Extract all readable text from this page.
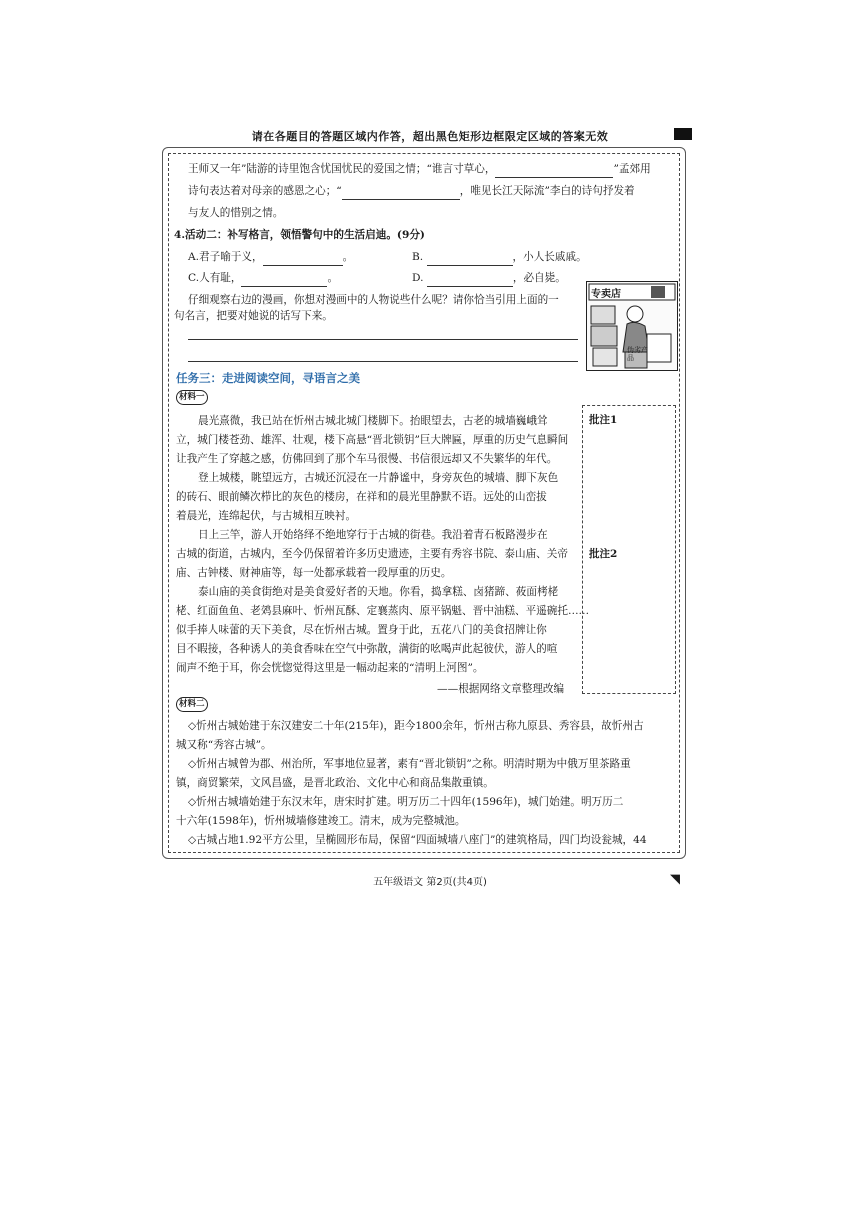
请在各题目的答题区域内作答，超出黑色矩形边框限定区域的答案无效
王师又一年”陆游的诗里饱含忧国忧民的爱国之情；“谁言寸草心，	”孟郊用
诗句表达着对母亲的感恩之心；“	，唯见长江天际流”李白的诗句抒发着
与友人的惜别之情。
4.活动二：补写格言，领悟警句中的生活启迪。(9分)
A.君子喻于义，	。	B.	，小人长戚戚。
C.人有耻，	。	D.	，必自毙。
仔细观察右边的漫画，你想对漫画中的人物说些什么呢？请你恰当引用上面的一
句名言，把要对她说的话写下来。
专卖店
伪劣产品
任务三：走进阅读空间，寻语言之美
材料一
批注1
批注2
晨光熹微，我已站在忻州古城北城门楼脚下。抬眼望去，古老的城墙巍峨耸
立，城门楼苍劲、雄浑、壮观，楼下高悬“晋北锁钥”巨大牌匾，厚重的历史气息瞬间
让我产生了穿越之感，仿佛回到了那个车马很慢、书信很远却又不失繁华的年代。
登上城楼，眺望远方，古城还沉浸在一片静谧中，身旁灰色的城墙、脚下灰色
的砖石、眼前鳞次栉比的灰色的楼房，在祥和的晨光里静默不语。远处的山峦拔
着晨光，连绵起伏，与古城相互映衬。
日上三竿，游人开始络绎不绝地穿行于古城的街巷。我沿着青石板路漫步在
古城的街道，古城内，至今仍保留着许多历史遗迹，主要有秀容书院、泰山庙、关帝
庙、古钟楼、财神庙等，每一处都承载着一段厚重的历史。
泰山庙的美食街绝对是美食爱好者的天地。你看，捣拿糕、卤猪蹄、莜面栲栳
栳、红面鱼鱼、老䴔县麻叶、忻州瓦酥、定襄蒸肉、原平锅魁、晋中油糕、平遥碗托……
似手捧人味蕾的天下美食，尽在忻州古城。置身于此，五花八门的美食招牌让你
目不暇接，各种诱人的美食香味在空气中弥散，满街的吆喝声此起彼伏，游人的喧
闹声不绝于耳，你会恍惚觉得这里是一幅动起来的“清明上河图”。
——根据网络文章整理改编
材料二
◇忻州古城始建于东汉建安二十年(215年)，距今1800余年，忻州古称九原县、秀容县，故忻州古
城又称“秀容古城”。
◇忻州古城曾为郡、州治所，军事地位显著，素有“晋北锁钥”之称。明清时期为中俄万里茶路重
镇，商贸繁荣，文风昌盛，是晋北政治、文化中心和商品集散重镇。
◇忻州古城墙始建于东汉末年，唐宋时扩建。明万历二十四年(1596年)，城门始建。明万历二
十六年(1598年)，忻州城墙修建竣工。清末，成为完整城池。
◇古城占地1.92平方公里，呈椭圆形布局，保留“四面城墙八座门”的建筑格局，四门均设瓮城，44
五年级语文 第2页(共4页)	◥
